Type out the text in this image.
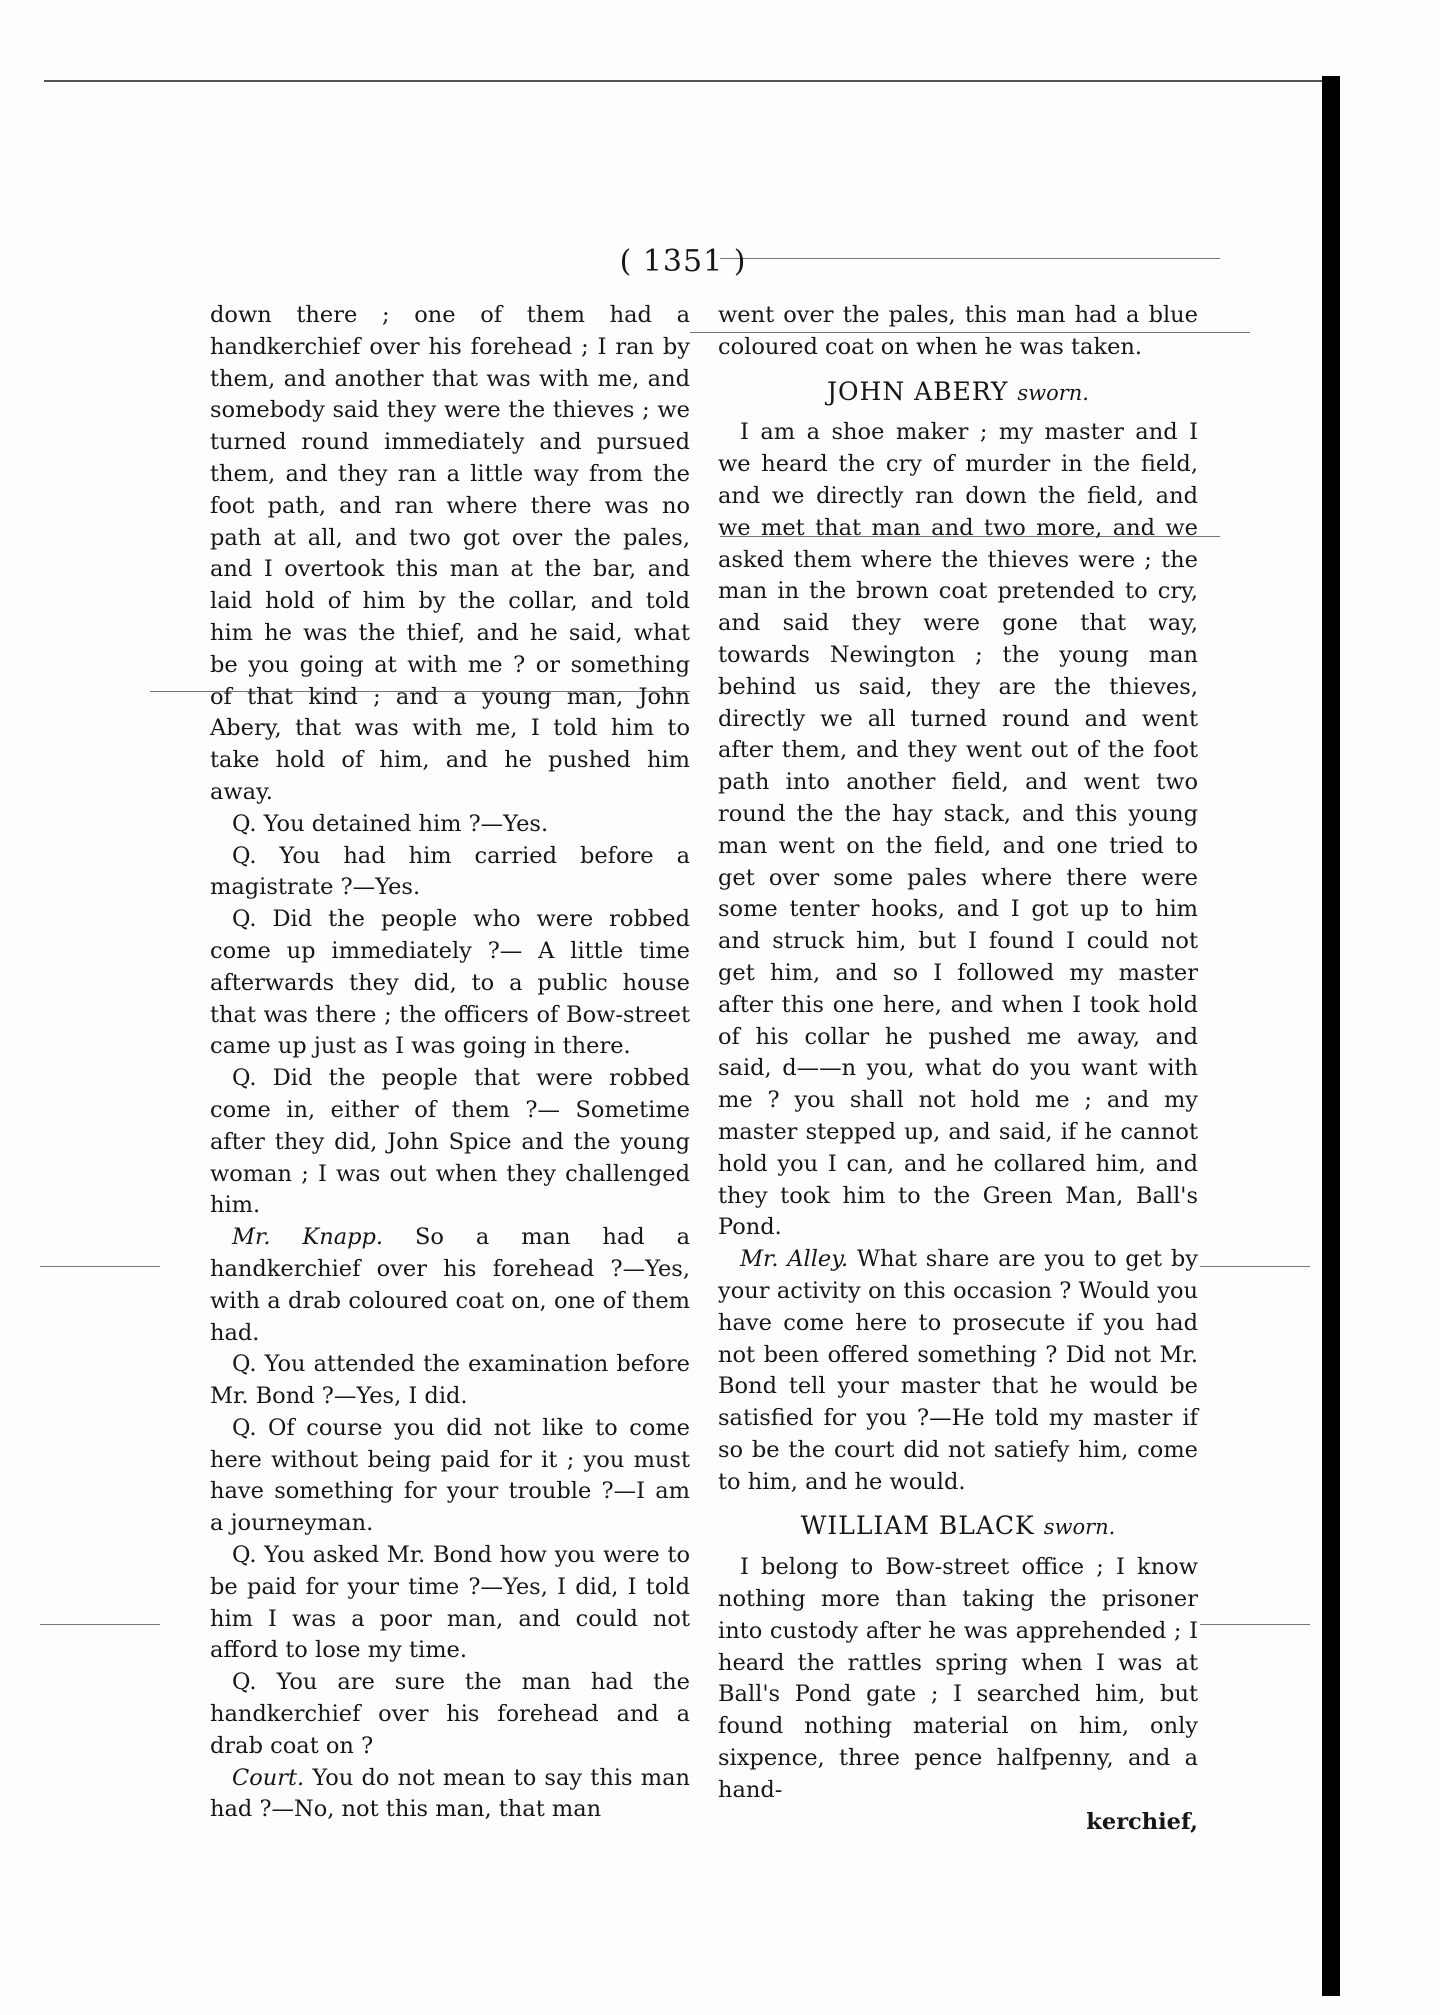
( 1351 )

down there ; one of them had a handkerchief over his forehead ; I ran by them, and another that was with me, and somebody said they were the thieves ; we turned round immediately and pursued them, and they ran a little way from the foot path, and ran where there was no path at all, and two got over the pales, and I overtook this man at the bar, and laid hold of him by the collar, and told him he was the thief, and he said, what be you going at with me ? or something of that kind ; and a young man, John Abery, that was with me, I told him to take hold of him, and he pushed him away.

Q. You detained him ?—Yes.

Q. You had him carried before a magistrate ?—Yes.

Q. Did the people who were robbed come up immediately ?— A little time afterwards they did, to a public house that was there ; the officers of Bow-street came up just as I was going in there.

Q. Did the people that were robbed come in, either of them ?— Sometime after they did, John Spice and the young woman ; I was out when they challenged him.

Mr. Knapp. So a man had a handkerchief over his forehead ?—Yes, with a drab coloured coat on, one of them had.

Q. You attended the examination before Mr. Bond ?—Yes, I did.

Q. Of course you did not like to come here without being paid for it ; you must have something for your trouble ?—I am a journeyman.

Q. You asked Mr. Bond how you were to be paid for your time ?—Yes, I did, I told him I was a poor man, and could not afford to lose my time.

Q. You are sure the man had the handkerchief over his forehead and a drab coat on ?

Court. You do not mean to say this man had ?—No, not this man, that man

went over the pales, this man had a blue coloured coat on when he was taken.

JOHN ABERY sworn.

I am a shoe maker ; my master and I we heard the cry of murder in the field, and we directly ran down the field, and we met that man and two more, and we asked them where the thieves were ; the man in the brown coat pretended to cry, and said they were gone that way, towards Newington ; the young man behind us said, they are the thieves, directly we all turned round and went after them, and they went out of the foot path into another field, and went two round the the hay stack, and this young man went on the field, and one tried to get over some pales where there were some tenter hooks, and I got up to him and struck him, but I found I could not get him, and so I followed my master after this one here, and when I took hold of his collar he pushed me away, and said, d——n you, what do you want with me ? you shall not hold me ; and my master stepped up, and said, if he cannot hold you I can, and he collared him, and they took him to the Green Man, Ball's Pond.

Mr. Alley. What share are you to get by your activity on this occasion ? Would you have come here to prosecute if you had not been offered something ? Did not Mr. Bond tell your master that he would be satisfied for you ?—He told my master if so be the court did not satiefy him, come to him, and he would.

WILLIAM BLACK sworn.

I belong to Bow-street office ; I know nothing more than taking the prisoner into custody after he was apprehended ; I heard the rattles spring when I was at Ball's Pond gate ; I searched him, but found nothing material on him, only sixpence, three pence halfpenny, and a hand-

kerchief,
